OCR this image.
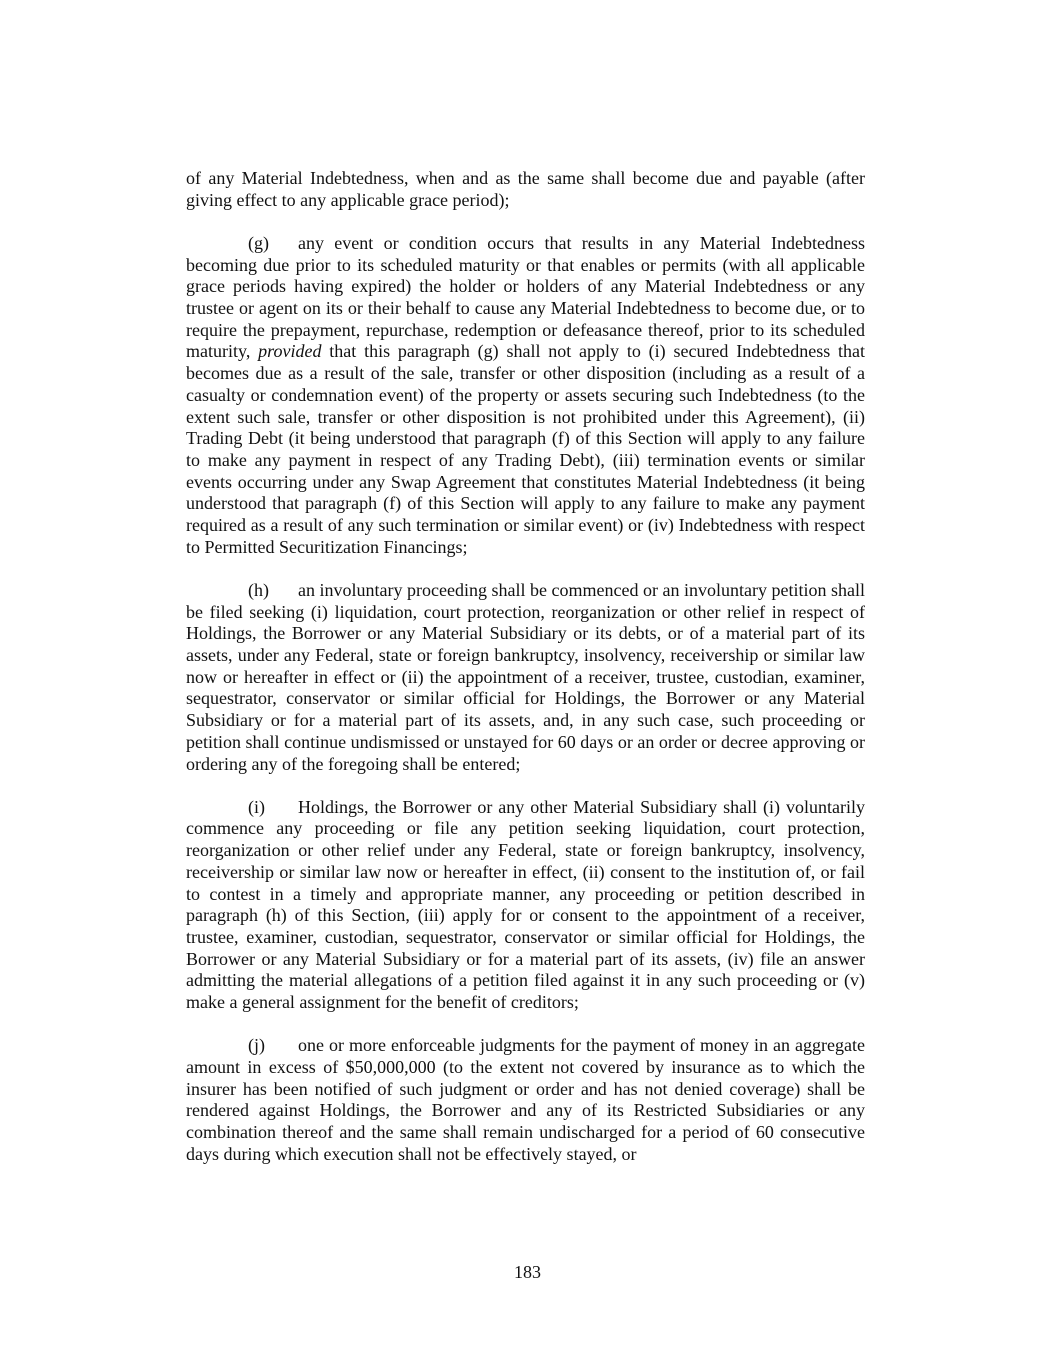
of any Material Indebtedness, when and as the same shall become due and payable (after giving effect to any applicable grace period);

(g) any event or condition occurs that results in any Material Indebtedness becoming due prior to its scheduled maturity or that enables or permits (with all applicable grace periods having expired) the holder or holders of any Material Indebtedness or any trustee or agent on its or their behalf to cause any Material Indebtedness to become due, or to require the prepayment, repurchase, redemption or defeasance thereof, prior to its scheduled maturity, provided that this paragraph (g) shall not apply to (i) secured Indebtedness that becomes due as a result of the sale, transfer or other disposition (including as a result of a casualty or condemnation event) of the property or assets securing such Indebtedness (to the extent such sale, transfer or other disposition is not prohibited under this Agreement), (ii) Trading Debt (it being understood that paragraph (f) of this Section will apply to any failure to make any payment in respect of any Trading Debt), (iii) termination events or similar events occurring under any Swap Agreement that constitutes Material Indebtedness (it being understood that paragraph (f) of this Section will apply to any failure to make any payment required as a result of any such termination or similar event) or (iv) Indebtedness with respect to Permitted Securitization Financings;

(h) an involuntary proceeding shall be commenced or an involuntary petition shall be filed seeking (i) liquidation, court protection, reorganization or other relief in respect of Holdings, the Borrower or any Material Subsidiary or its debts, or of a material part of its assets, under any Federal, state or foreign bankruptcy, insolvency, receivership or similar law now or hereafter in effect or (ii) the appointment of a receiver, trustee, custodian, examiner, sequestrator, conservator or similar official for Holdings, the Borrower or any Material Subsidiary or for a material part of its assets, and, in any such case, such proceeding or petition shall continue undismissed or unstayed for 60 days or an order or decree approving or ordering any of the foregoing shall be entered;

(i) Holdings, the Borrower or any other Material Subsidiary shall (i) voluntarily commence any proceeding or file any petition seeking liquidation, court protection, reorganization or other relief under any Federal, state or foreign bankruptcy, insolvency, receivership or similar law now or hereafter in effect, (ii) consent to the institution of, or fail to contest in a timely and appropriate manner, any proceeding or petition described in paragraph (h) of this Section, (iii) apply for or consent to the appointment of a receiver, trustee, examiner, custodian, sequestrator, conservator or similar official for Holdings, the Borrower or any Material Subsidiary or for a material part of its assets, (iv) file an answer admitting the material allegations of a petition filed against it in any such proceeding or (v) make a general assignment for the benefit of creditors;

(j) one or more enforceable judgments for the payment of money in an aggregate amount in excess of $50,000,000 (to the extent not covered by insurance as to which the insurer has been notified of such judgment or order and has not denied coverage) shall be rendered against Holdings, the Borrower and any of its Restricted Subsidiaries or any combination thereof and the same shall remain undischarged for a period of 60 consecutive days during which execution shall not be effectively stayed, or

183
